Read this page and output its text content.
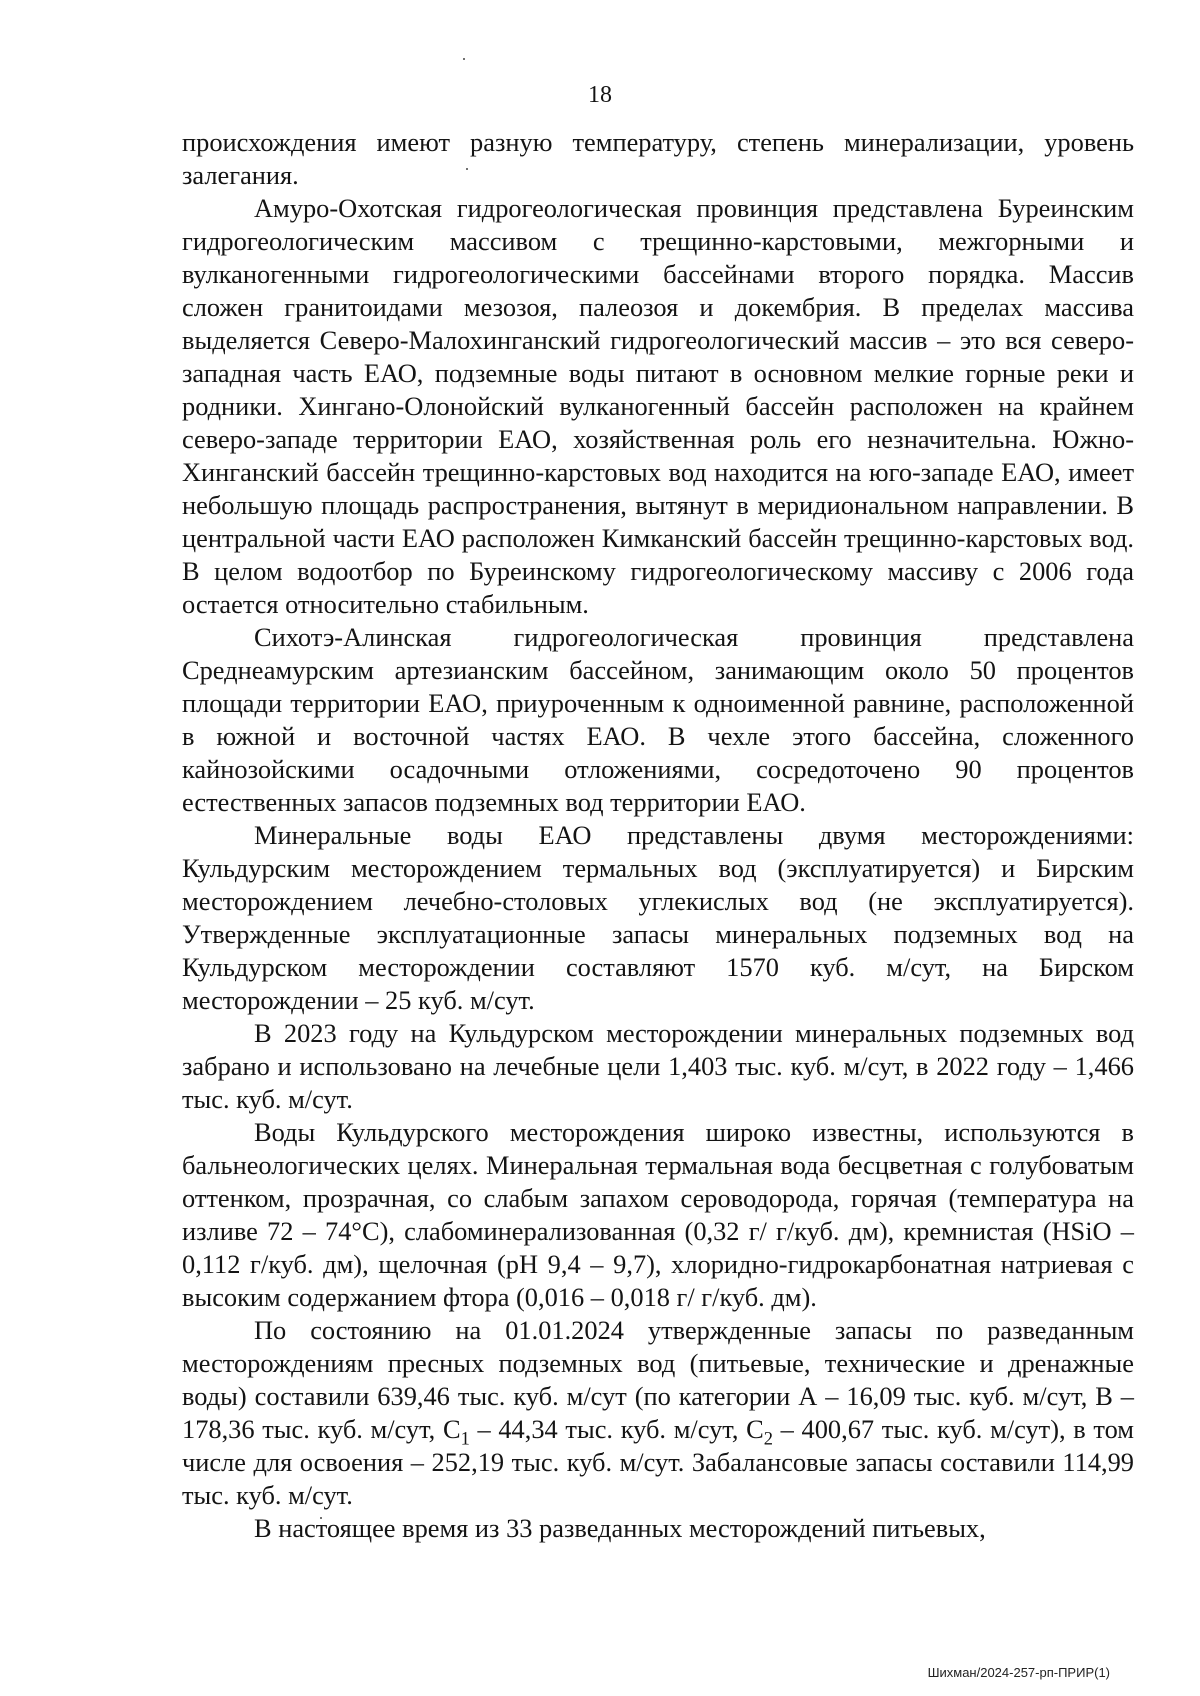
18

происхождения имеют разную температуру, степень минерализации, уровень залегания.

Амуро-Охотская гидрогеологическая провинция представлена Буреинским гидрогеологическим массивом с трещинно-карстовыми, межгорными и вулканогенными гидрогеологическими бассейнами второго порядка. Массив сложен гранитоидами мезозоя, палеозоя и докембрия. В пределах массива выделяется Северо-Малохинганский гидрогеологический массив – это вся северо-западная часть ЕАО, подземные воды питают в основном мелкие горные реки и родники. Хингано-Олонойский вулканогенный бассейн расположен на крайнем северо-западе территории ЕАО, хозяйственная роль его незначительна. Южно-Хинганский бассейн трещинно-карстовых вод находится на юго-западе ЕАО, имеет небольшую площадь распространения, вытянут в меридиональном направлении. В центральной части ЕАО расположен Кимканский бассейн трещинно-карстовых вод. В целом водоотбор по Буреинскому гидрогеологическому массиву с 2006 года остается относительно стабильным.

Сихотэ-Алинская гидрогеологическая провинция представлена Среднеамурским артезианским бассейном, занимающим около 50 процентов площади территории ЕАО, приуроченным к одноименной равнине, расположенной в южной и восточной частях ЕАО. В чехле этого бассейна, сложенного кайнозойскими осадочными отложениями, сосредоточено 90 процентов естественных запасов подземных вод территории ЕАО.

Минеральные воды ЕАО представлены двумя месторождениями: Кульдурским месторождением термальных вод (эксплуатируется) и Бирским месторождением лечебно-столовых углекислых вод (не эксплуатируется). Утвержденные эксплуатационные запасы минеральных подземных вод на Кульдурском месторождении составляют 1570 куб. м/сут, на Бирском месторождении – 25 куб. м/сут.

В 2023 году на Кульдурском месторождении минеральных подземных вод забрано и использовано на лечебные цели 1,403 тыс. куб. м/сут, в 2022 году – 1,466 тыс. куб. м/сут.

Воды Кульдурского месторождения широко известны, используются в бальнеологических целях. Минеральная термальная вода бесцветная с голубоватым оттенком, прозрачная, со слабым запахом сероводорода, горячая (температура на изливе 72 – 74°С), слабоминерализованная (0,32 г/ г/куб. дм), кремнистая (HSiO – 0,112 г/куб. дм), щелочная (pH 9,4 – 9,7), хлоридно-гидрокарбонатная натриевая с высоким содержанием фтора (0,016 – 0,018 г/ г/куб. дм).

По состоянию на 01.01.2024 утвержденные запасы по разведанным месторождениям пресных подземных вод (питьевые, технические и дренажные воды) составили 639,46 тыс. куб. м/сут (по категории А – 16,09 тыс. куб. м/сут, В – 178,36 тыс. куб. м/сут, $С_1 - 44,34$ тыс. куб. м/сут, $С_2 - 400,67$ тыс. куб. м/сут), в том числе для освоения – 252,19 тыс. куб. м/сут. Забалансовые запасы составили 114,99 тыс. куб. м/сут.

В настоящее время из 33 разведанных месторождений питьевых,

Шихман/2024-257-рп-ПРИР(1)
